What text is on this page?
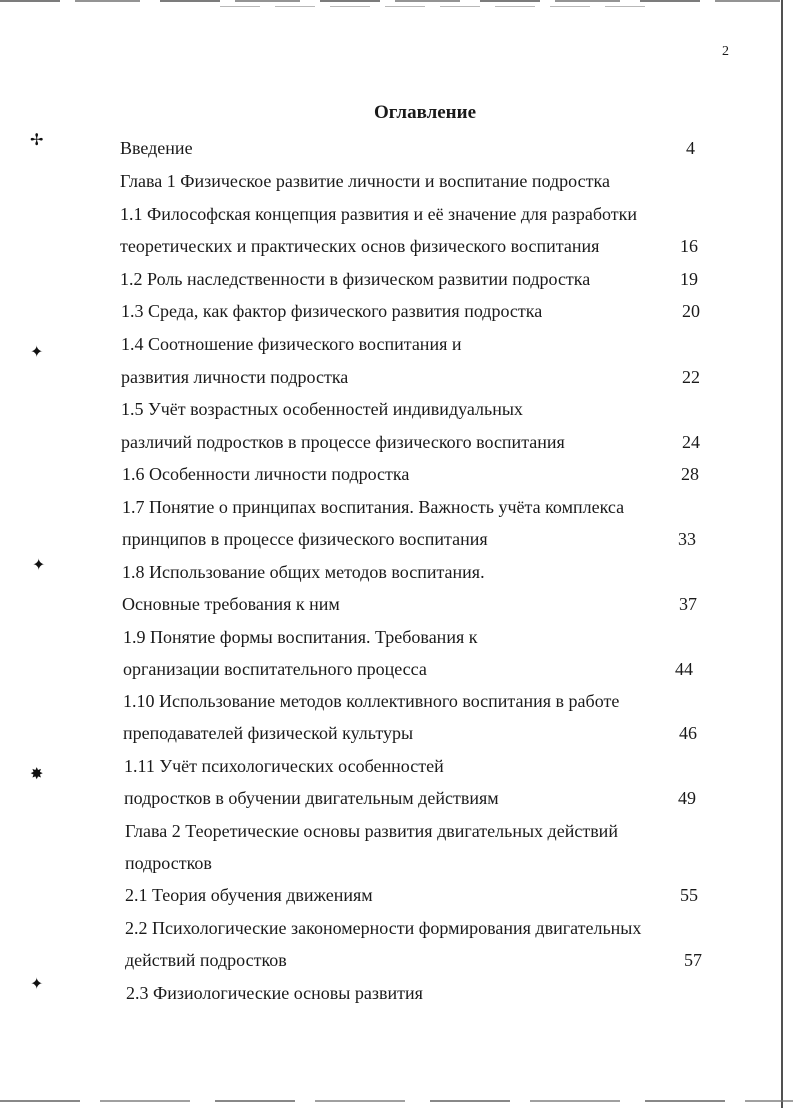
✢
✦
✦
✸
✦
2
Оглавление
Введение	4
Глава 1 Физическое развитие личности и воспитание подростка
1.1 Философская концепция развития и её значение для разработки
теоретических и практических основ физического воспитания	16
1.2 Роль наследственности в физическом развитии подростка	19
1.3 Среда, как фактор физического развития подростка	20
1.4 Соотношение физического воспитания и
развития личности подростка	22
1.5 Учёт возрастных особенностей индивидуальных
различий подростков в процессе физического воспитания	24
1.6 Особенности личности подростка	28
1.7 Понятие о принципах воспитания. Важность учёта комплекса
принципов в процессе физического воспитания	33
1.8 Использование общих методов воспитания.
Основные требования к ним	37
1.9 Понятие формы воспитания. Требования к
организации воспитательного процесса	44
1.10 Использование методов коллективного воспитания в работе
преподавателей физической культуры	46
1.11 Учёт психологических особенностей
подростков в обучении двигательным действиям	49
Глава 2 Теоретические основы развития двигательных действий
подростков
2.1 Теория обучения движениям	55
2.2 Психологические закономерности формирования двигательных
действий подростков	57
2.3 Физиологические основы развития
